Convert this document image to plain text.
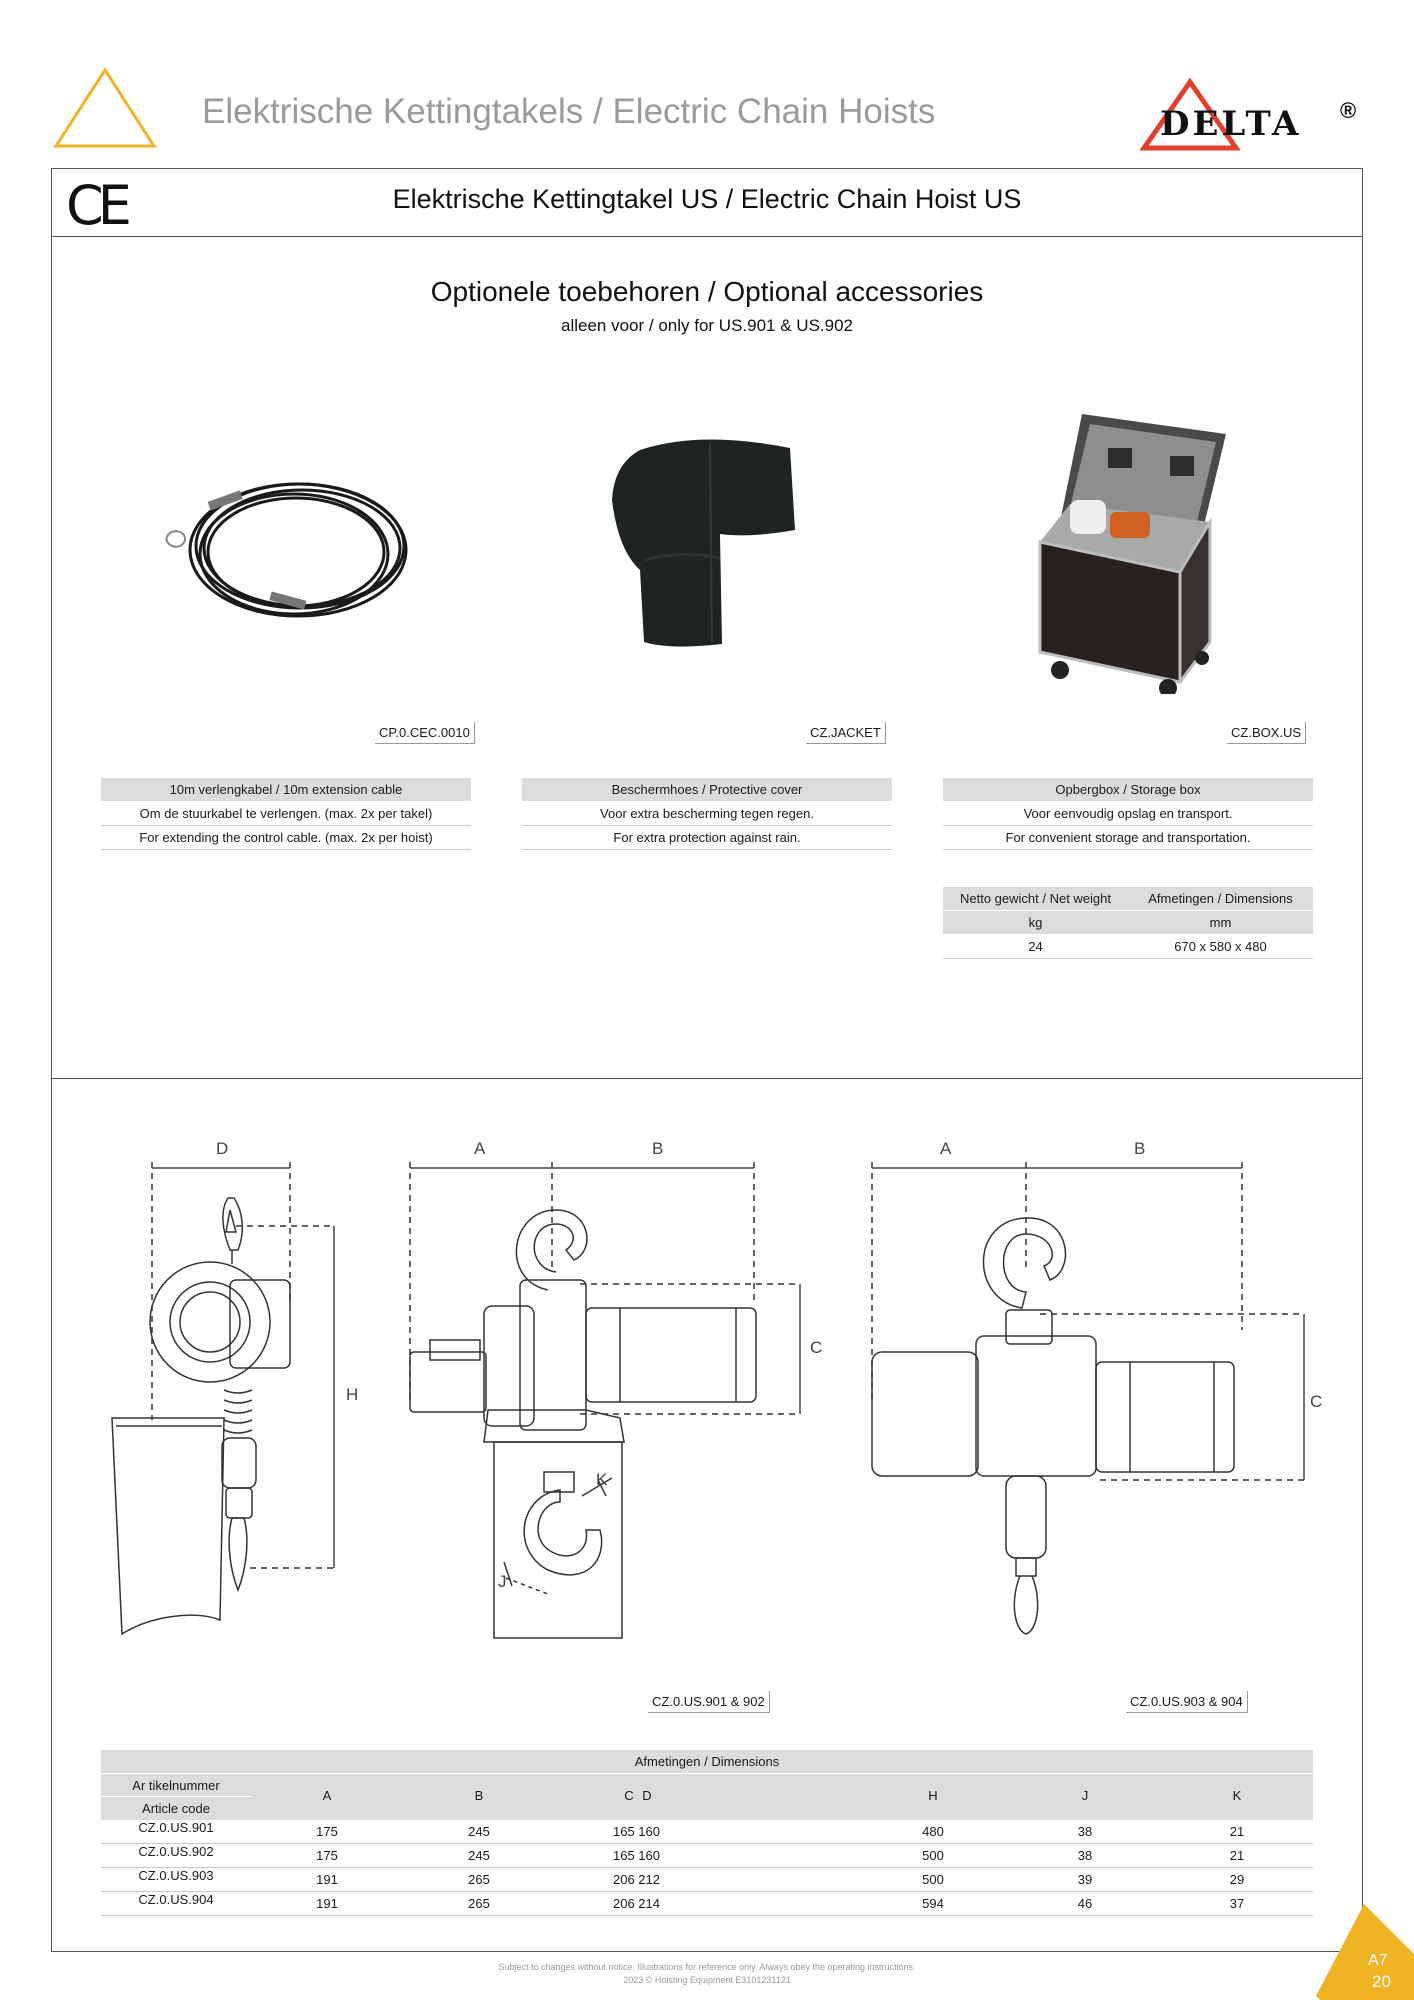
Elektrische Kettingtakels / Electric Chain Hoists	DELTA ®
CE	Elektrische Kettingtakel US / Electric Chain Hoist US
Optionele toebehoren / Optional accessories
alleen voor / only for US.901 & US.902
CP.0.CEC.0010	CZ.JACKET	CZ.BOX.US
10m verlengkabel / 10m extension cable
Om de stuurkabel te verlengen. (max. 2x per takel)
For extending the control cable. (max. 2x per hoist)
Beschermhoes / Protective cover
Voor extra bescherming tegen regen.
For extra protection against rain.
Opbergbox / Storage box
Voor eenvoudig opslag en transport.
For convenient storage and transportation.
Netto gewicht / Net weight	Afmetingen / Dimensions
kg	mm
24	670 x 580 x 480
D
H
A	B
C
K
J
A	B
C
CZ.0.US.901 & 902	CZ.0.US.903 & 904
Afmetingen / Dimensions
Ar tikelnummer
Article code
A	B	C D	H	J	K
CZ.0.US.901	175	245	165 160	480	38	21
CZ.0.US.902	175	245	165 160	500	38	21
CZ.0.US.903	191	265	206 212	500	39	29
CZ.0.US.904	191	265	206 214	594	46	37
Subject to changes without notice. Illustrations for reference only. Always obey the operating instructions.
2023 © Hoisting Equipment E3101231121
A7
20
